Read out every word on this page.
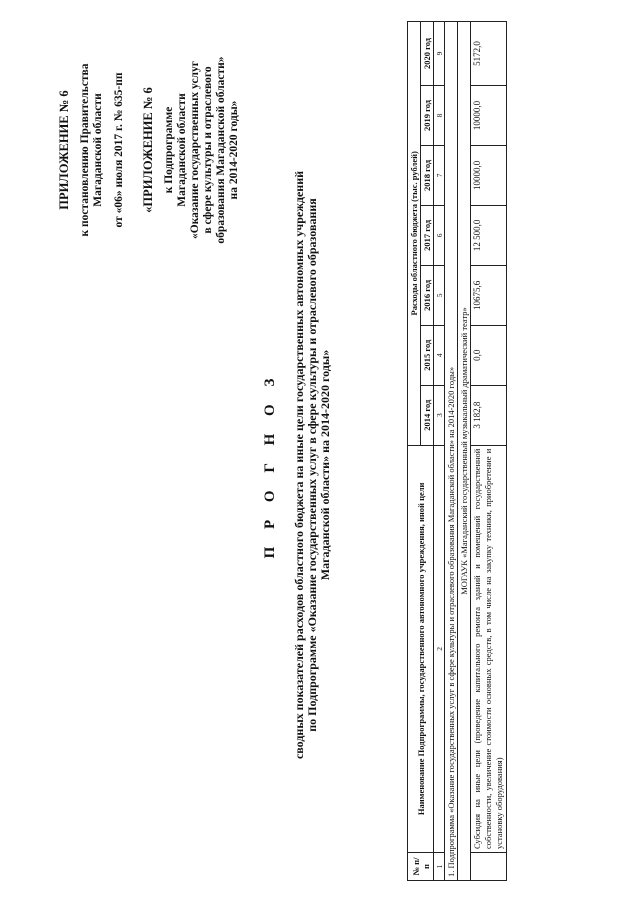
ПРИЛОЖЕНИЕ № 6 к постановлению Правительства Магаданской области от «06» июля 2017 г. № 635-пп «ПРИЛОЖЕНИЕ № 6 к Подпрограмме Магаданской области «Оказание государственных услуг в сфере культуры и отраслевого образования Магаданской области» на 2014-2020 годы»
П Р О Г Н О З сводных показателей расходов областного бюджета на иные цели государственных автономных учреждений по Подпрограмме «Оказание государственных услуг в сфере культуры и отраслевого образования Магаданской области» на 2014-2020 годы»
№ п/п	Наименование Подпрограммы, государственного автономного учреждения, иной цели	Расходы областного бюджета (тыс. рублей)						
		2014 год	2015 год	2016 год	2017 год	2018 год	2019 год	2020 год
1	2	3	4	5	6	7	8	9
1. Подпрограмма «Оказание государственных услуг в сфере культуры и отраслевого образования Магаданской области» на 2014-2020 годы»								
МОГАУК «Магаданский государственный музыкальный драматический театр»								
	Субсидия на иные цели (проведение капитального ремонта зданий и помещений государственной собственности, увеличение стоимости основных средств, в том числе на закупку техники, приобретение и установку оборудования)	3 182,8	0,0	10675,6	12 500,0	10000,0	10000,0	5172,0
